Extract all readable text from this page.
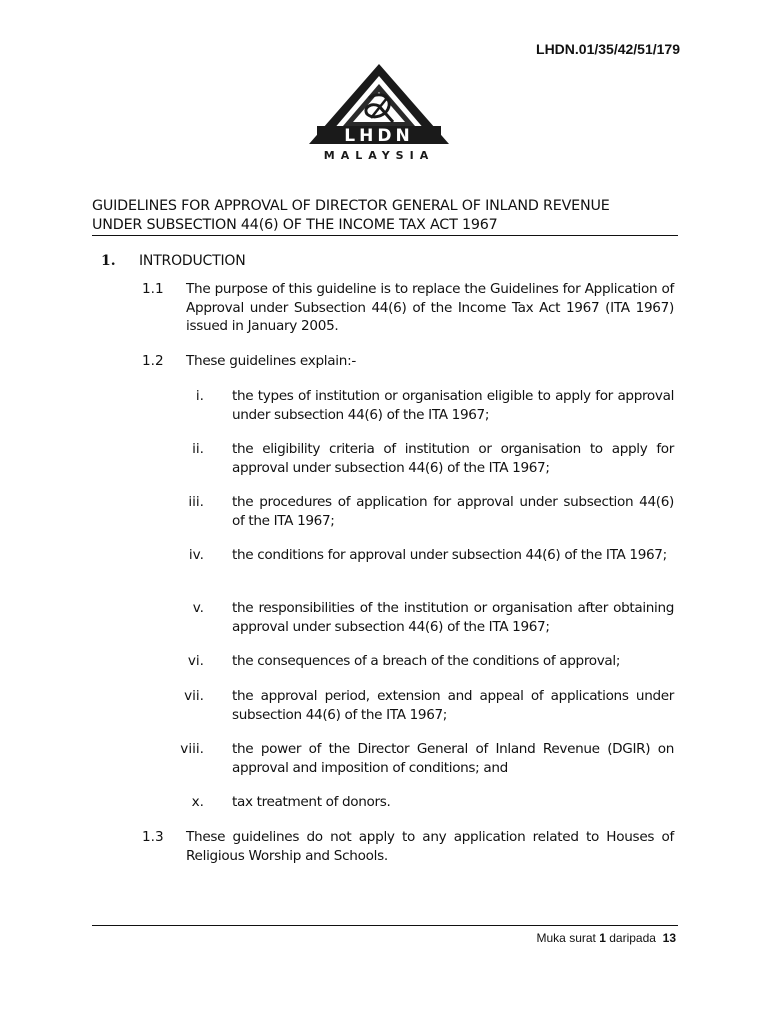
LHDN.01/35/42/51/179
LHDN
MALAYSIA
GUIDELINES FOR APPROVAL OF DIRECTOR GENERAL OF INLAND REVENUE
UNDER SUBSECTION 44(6) OF THE INCOME TAX ACT 1967
1. INTRODUCTION
1.1 The purpose of this guideline is to replace the Guidelines for Application of Approval under Subsection 44(6) of the Income Tax Act 1967 (ITA 1967) issued in January 2005.
1.2 These guidelines explain:-
i. the types of institution or organisation eligible to apply for approval under subsection 44(6) of the ITA 1967;
ii. the eligibility criteria of institution or organisation to apply for approval under subsection 44(6) of the ITA 1967;
iii. the procedures of application for approval under subsection 44(6) of the ITA 1967;
iv. the conditions for approval under subsection 44(6) of the ITA 1967;
v. the responsibilities of the institution or organisation after obtaining approval under subsection 44(6) of the ITA 1967;
vi. the consequences of a breach of the conditions of approval;
vii. the approval period, extension and appeal of applications under subsection 44(6) of the ITA 1967;
viii. the power of the Director General of Inland Revenue (DGIR) on approval and imposition of conditions; and
x. tax treatment of donors.
1.3 These guidelines do not apply to any application related to Houses of Religious Worship and Schools.
Muka surat 1 daripada 13
